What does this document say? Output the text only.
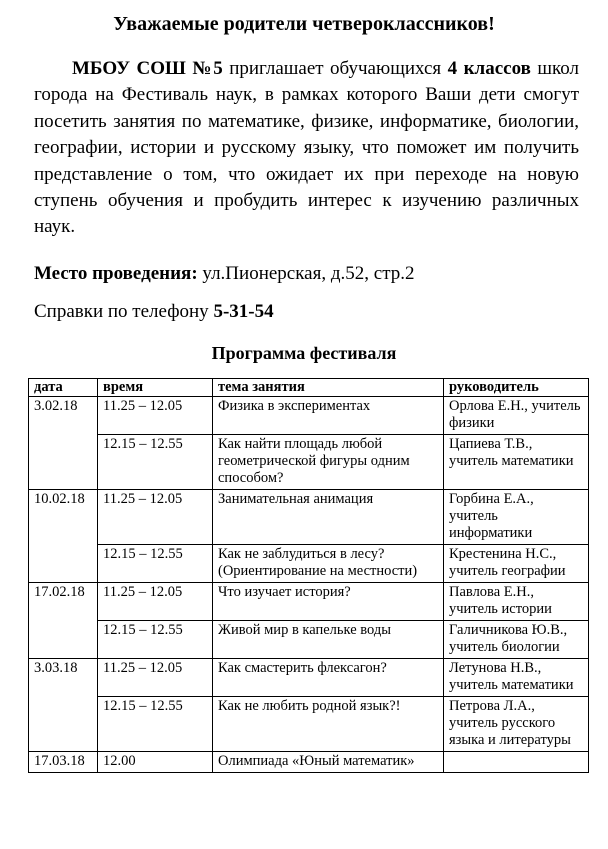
Уважаемые родители четвероклассников!

МБОУ СОШ №5 приглашает обучающихся 4 классов школ города на Фестиваль наук, в рамках которого Ваши дети смогут посетить занятия по математике, физике, информатике, биологии, географии, истории и русскому языку, что поможет им получить представление о том, что ожидает их при переходе на новую ступень обучения и пробудить интерес к изучению различных наук.

Место проведения: ул.Пионерская, д.52, стр.2

Справки по телефону 5-31-54

Программа фестиваля
дата	время	тема занятия	руководитель
3.02.18	11.25 – 12.05	Физика в экспериментах	Орлова Е.Н., учитель физики
	12.15 – 12.55	Как найти площадь любой геометрической фигуры одним способом?	Цапиева Т.В., учитель математики
10.02.18	11.25 – 12.05	Занимательная анимация	Горбина Е.А., учитель информатики
	12.15 – 12.55	Как не заблудиться в лесу? (Ориентирование на местности)	Крестенина Н.С., учитель географии
17.02.18	11.25 – 12.05	Что изучает история?	Павлова Е.Н., учитель истории
	12.15 – 12.55	Живой мир в капельке воды	Галичникова Ю.В., учитель биологии
3.03.18	11.25 – 12.05	Как смастерить флексагон?	Летунова Н.В., учитель математики
	12.15 – 12.55	Как не любить родной язык?!	Петрова Л.А., учитель русского языка и литературы
17.03.18	12.00	Олимпиада «Юный математик»	
